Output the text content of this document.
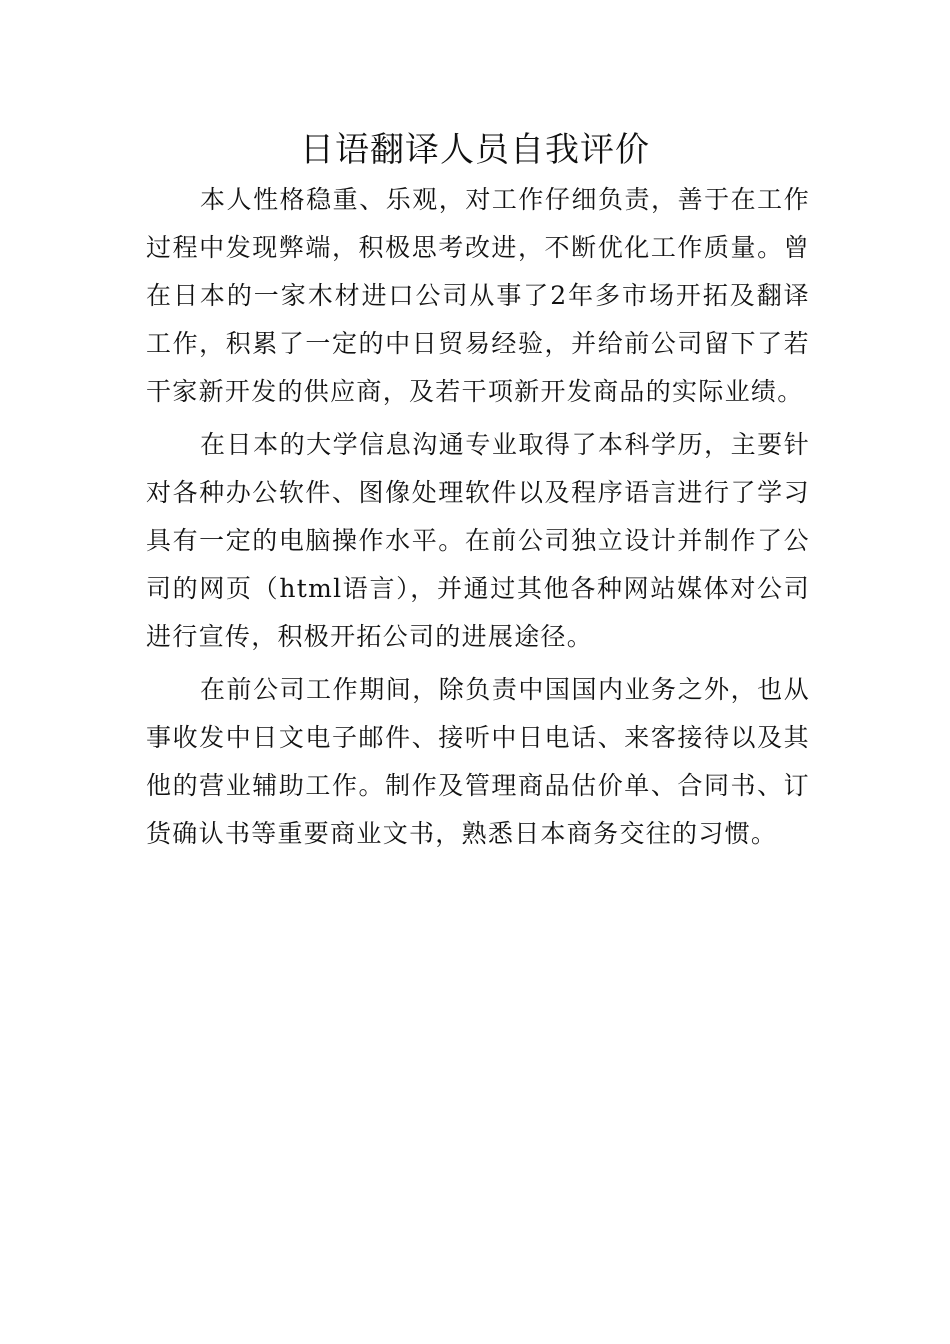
日语翻译人员自我评价

本人性格稳重、乐观，对工作仔细负责，善于在工作过程中发现弊端，积极思考改进，不断优化工作质量。曾在日本的一家木材进口公司从事了2年多市场开拓及翻译工作，积累了一定的中日贸易经验，并给前公司留下了若干家新开发的供应商，及若干项新开发商品的实际业绩。

在日本的大学信息沟通专业取得了本科学历，主要针对各种办公软件、图像处理软件以及程序语言进行了学习具有一定的电脑操作水平。在前公司独立设计并制作了公司的网页（html语言），并通过其他各种网站媒体对公司进行宣传，积极开拓公司的进展途径。

在前公司工作期间，除负责中国国内业务之外，也从事收发中日文电子邮件、接听中日电话、来客接待以及其他的营业辅助工作。制作及管理商品估价单、合同书、订货确认书等重要商业文书，熟悉日本商务交往的习惯。
